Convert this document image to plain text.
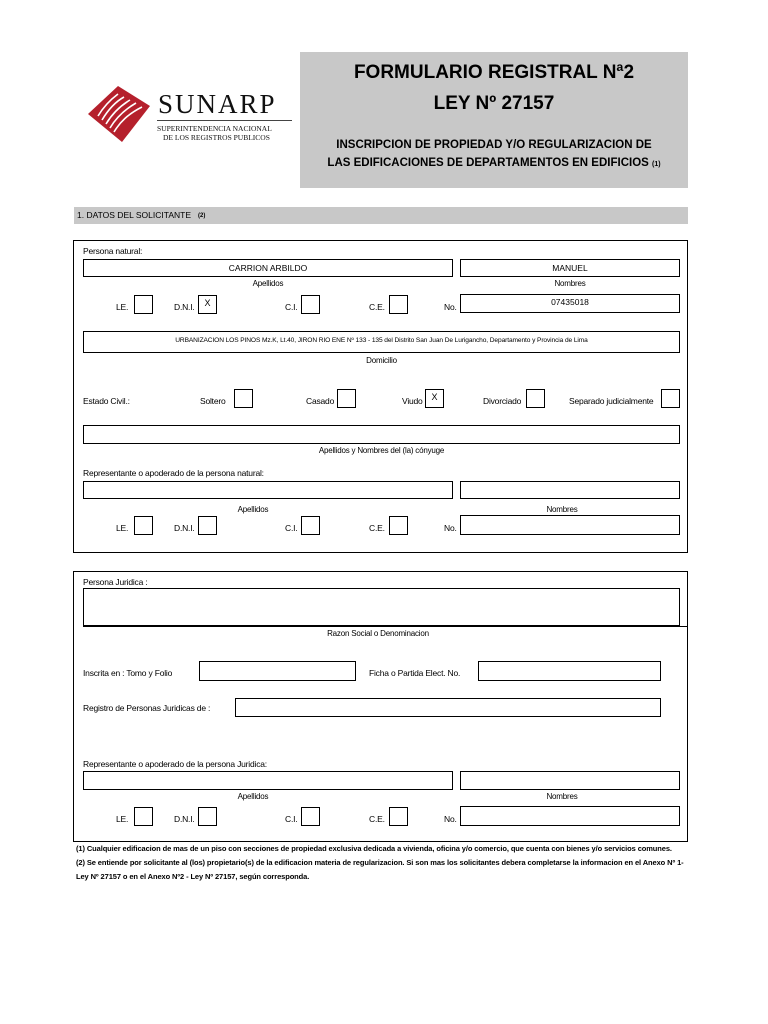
SUNARP
SUPERINTENDENCIA NACIONAL
DE LOS REGISTROS PUBLICOS
FORMULARIO REGISTRAL Nª2
LEY Nº 27157
INSCRIPCION DE PROPIEDAD Y/O REGULARIZACION DE
LAS EDIFICACIONES DE DEPARTAMENTOS EN EDIFICIOS (1)
1. DATOS DEL SOLICITANTE (2)
Persona natural:
CARRION ARBILDO	MANUEL
Apellidos	Nombres
LE.	D.N.I.	X	C.I.	C.E.	No.	07435018
URBANIZACION LOS PINOS Mz.K, Lt.40, JIRON RIO ENE Nº 133 - 135 del Distrito San Juan De Lurigancho, Departamento y Provincia de Lima
Domicilio
Estado Civil.:	Soltero	Casado	Viudo X	Divorciado	Separado judicialmente
Apellidos y Nombres del (la) cónyuge
Representante o apoderado de la persona natural:
Apellidos	Nombres
LE.	D.N.I.	C.I.	C.E.	No.
Persona Juridica :
Razon Social o Denominacion
Inscrita en : Tomo y Folio	Ficha o Partida Elect. No.
Registro de Personas Juridicas de :
Representante o apoderado de la persona Juridica:
Apellidos	Nombres
LE.	D.N.I.	C.I.	C.E.	No.
(1) Cualquier edificacion de mas de un piso con secciones de propiedad exclusiva dedicada a vivienda, oficina y/o comercio, que cuenta con bienes y/o servicios comunes.
(2) Se entiende por solicitante al (los) propietario(s) de la edificacion materia de regularizacion. Si son mas los solicitantes debera completarse la informacion en el Anexo Nº 1-
Ley Nº 27157 o en el Anexo Nº2 - Ley Nº 27157, según corresponda.
